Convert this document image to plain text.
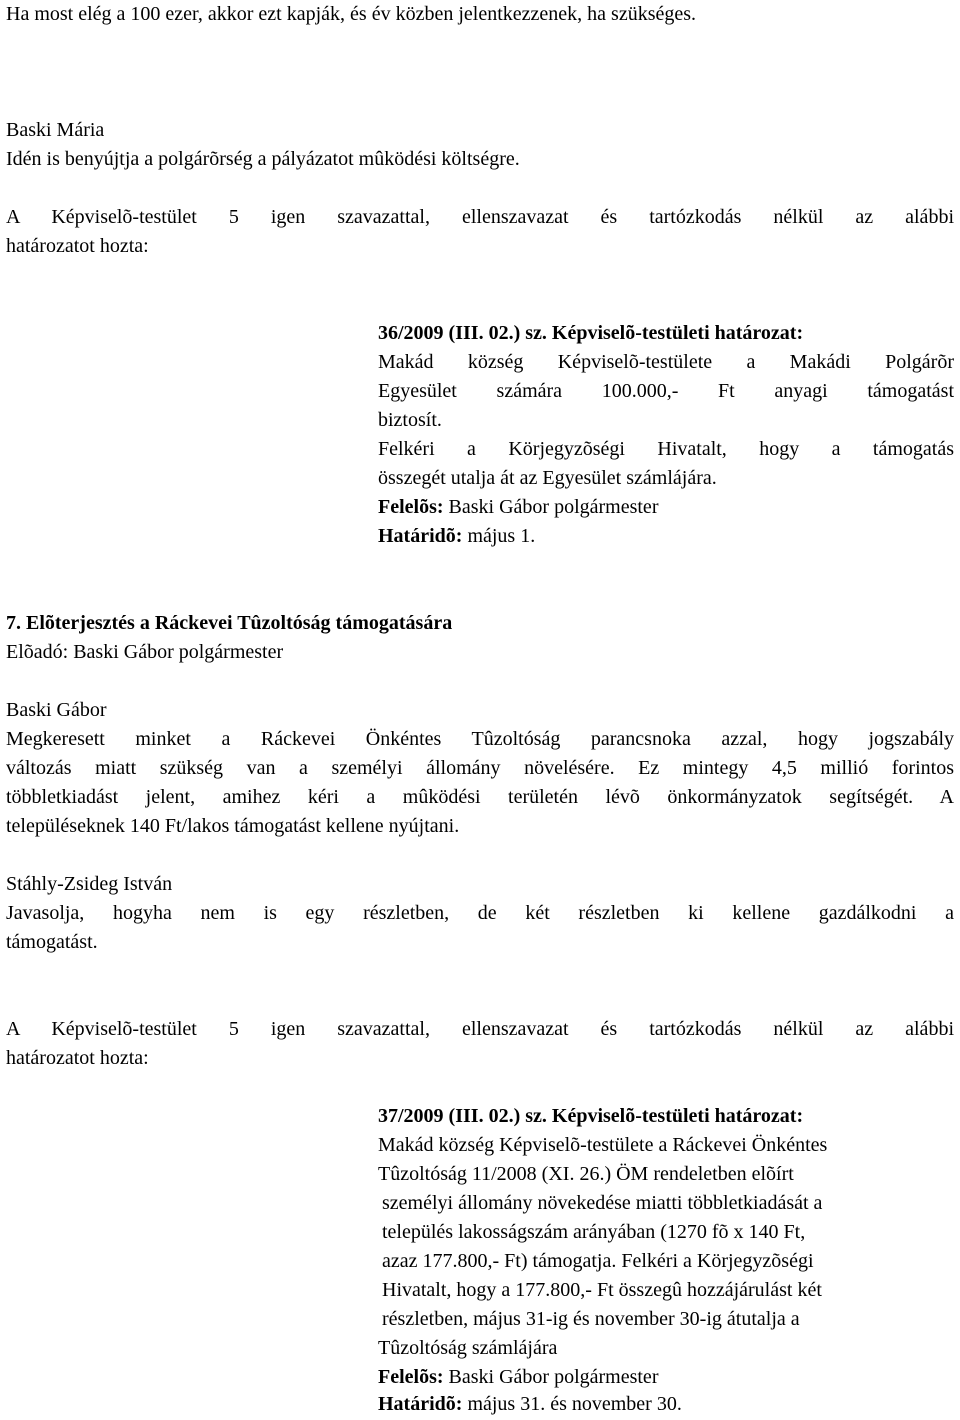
Ha most elég a 100 ezer, akkor ezt kapják, és év közben jelentkezzenek, ha szükséges.
Baski Mária
Idén is benyújtja a polgárõrség a pályázatot mûködési költségre.
A Képviselõ-testület 5 igen szavazattal, ellenszavazat és tartózkodás nélkül az alábbi
határozatot hozta:
36/2009 (III. 02.) sz. Képviselõ-testületi határozat:
Makád község Képviselõ-testülete a Makádi Polgárõr
Egyesület számára 100.000,- Ft anyagi támogatást
biztosít.
Felkéri a Körjegyzõségi Hivatalt, hogy a támogatás
összegét utalja át az Egyesület számlájára.
Felelõs: Baski Gábor polgármester
Határidõ: május 1.
7. Elõterjesztés a Ráckevei Tûzoltóság támogatására
Elõadó: Baski Gábor polgármester
Baski Gábor
Megkeresett minket a Ráckevei Önkéntes Tûzoltóság parancsnoka azzal, hogy jogszabály
változás miatt szükség van a személyi állomány növelésére. Ez mintegy 4,5 millió forintos
többletkiadást jelent, amihez kéri a mûködési területén lévõ önkormányzatok segítségét. A
településeknek 140 Ft/lakos támogatást kellene nyújtani.
Stáhly-Zsideg István
Javasolja, hogyha nem is egy részletben, de két részletben ki kellene gazdálkodni a
támogatást.
A Képviselõ-testület 5 igen szavazattal, ellenszavazat és tartózkodás nélkül az alábbi
határozatot hozta:
37/2009 (III. 02.) sz. Képviselõ-testületi határozat:
Makád község Képviselõ-testülete a Ráckevei Önkéntes
Tûzoltóság 11/2008 (XI. 26.) ÖM rendeletben elõírt
személyi állomány növekedése miatti többletkiadását a
település lakosságszám arányában (1270 fõ x 140 Ft,
azaz 177.800,- Ft) támogatja. Felkéri a Körjegyzõségi
Hivatalt, hogy a 177.800,- Ft összegû hozzájárulást két
részletben, május 31-ig és november 30-ig átutalja a
Tûzoltóság számlájára
Felelõs: Baski Gábor polgármester
Határidõ: május 31. és november 30.
